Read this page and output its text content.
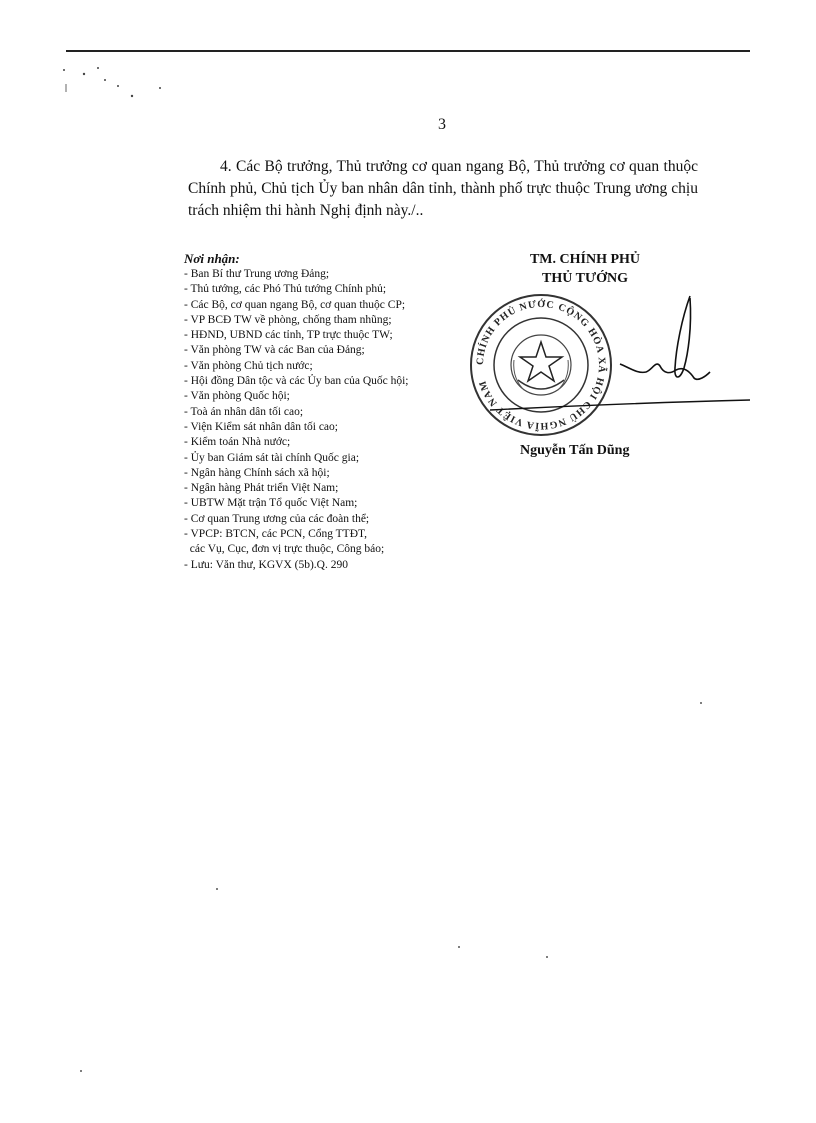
3

4. Các Bộ trưởng, Thủ trưởng cơ quan ngang Bộ, Thủ trưởng cơ quan thuộc Chính phủ, Chủ tịch Ủy ban nhân dân tỉnh, thành phố trực thuộc Trung ương chịu trách nhiệm thi hành Nghị định này./..

Nơi nhận:
- Ban Bí thư Trung ương Đảng;
- Thủ tướng, các Phó Thủ tướng Chính phủ;
- Các Bộ, cơ quan ngang Bộ, cơ quan thuộc CP;
- VP BCĐ TW về phòng, chống tham nhũng;
- HĐND, UBND các tỉnh, TP trực thuộc TW;
- Văn phòng TW và các Ban của Đảng;
- Văn phòng Chủ tịch nước;
- Hội đồng Dân tộc và các Ủy ban của Quốc hội;
- Văn phòng Quốc hội;
- Toà án nhân dân tối cao;
- Viện Kiểm sát nhân dân tối cao;
- Kiểm toán Nhà nước;
- Ủy ban Giám sát tài chính Quốc gia;
- Ngân hàng Chính sách xã hội;
- Ngân hàng Phát triển Việt Nam;
- UBTW Mặt trận Tổ quốc Việt Nam;
- Cơ quan Trung ương của các đoàn thể;
- VPCP: BTCN, các PCN, Cổng TTĐT,
các Vụ, Cục, đơn vị trực thuộc, Công báo;
- Lưu: Văn thư, KGVX (5b).Q. 290
TM. CHÍNH PHỦ
THỦ TƯỚNG
CHÍNH PHỦ NƯỚC CỘNG HÒA XÃ HỘI CHỦ NGHĨA VIỆT NAM
Nguyễn Tấn Dũng
